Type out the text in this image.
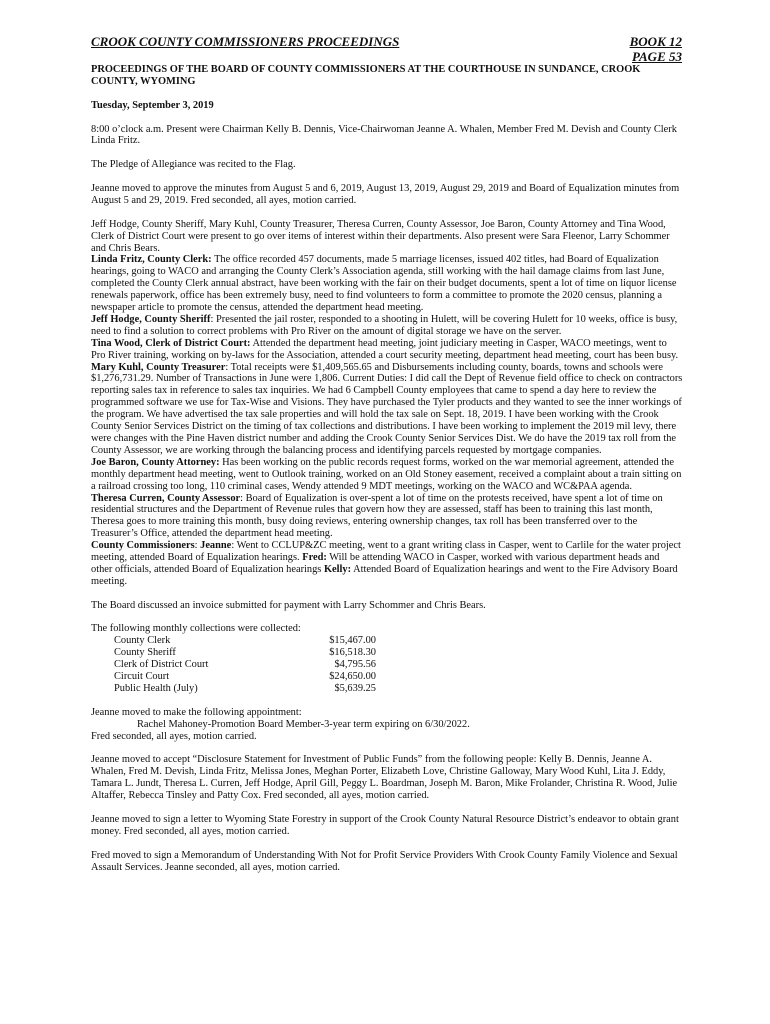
CROOK COUNTY COMMISSIONERS PROCEEDINGS	BOOK 12
PAGE 53

PROCEEDINGS OF THE BOARD OF COUNTY COMMISSIONERS AT THE COURTHOUSE IN SUNDANCE, CROOK COUNTY, WYOMING

Tuesday, September 3, 2019

8:00 o’clock a.m. Present were Chairman Kelly B. Dennis, Vice-Chairwoman Jeanne A. Whalen, Member Fred M. Devish and County Clerk Linda Fritz.

The Pledge of Allegiance was recited to the Flag.

Jeanne moved to approve the minutes from August 5 and 6, 2019, August 13, 2019, August 29, 2019 and Board of Equalization minutes from August 5 and 29, 2019. Fred seconded, all ayes, motion carried.

Jeff Hodge, County Sheriff, Mary Kuhl, County Treasurer, Theresa Curren, County Assessor, Joe Baron, County Attorney and Tina Wood, Clerk of District Court were present to go over items of interest within their departments. Also present were Sara Fleenor, Larry Schommer and Chris Bears.

Linda Fritz, County Clerk: The office recorded 457 documents, made 5 marriage licenses, issued 402 titles, had Board of Equalization hearings, going to WACO and arranging the County Clerk’s Association agenda, still working with the hail damage claims from last June, completed the County Clerk annual abstract, have been working with the fair on their budget documents, spent a lot of time on liquor license renewals paperwork, office has been extremely busy, need to find volunteers to form a committee to promote the 2020 census, planning a newspaper article to promote the census, attended the department head meeting.

Jeff Hodge, County Sheriff: Presented the jail roster, responded to a shooting in Hulett, will be covering Hulett for 10 weeks, office is busy, need to find a solution to correct problems with Pro River on the amount of digital storage we have on the server.

Tina Wood, Clerk of District Court: Attended the department head meeting, joint judiciary meeting in Casper, WACO meetings, went to Pro River training, working on by-laws for the Association, attended a court security meeting, department head meeting, court has been busy.

Mary Kuhl, County Treasurer: Total receipts were $1,409,565.65 and Disbursements including county, boards, towns and schools were $1,276,731.29. Number of Transactions in June were 1,806. Current Duties: I did call the Dept of Revenue field office to check on contractors reporting sales tax in reference to sales tax inquiries. We had 6 Campbell County employees that came to spend a day here to review the programmed software we use for Tax-Wise and Visions. They have purchased the Tyler products and they wanted to see the inner workings of the program. We have advertised the tax sale properties and will hold the tax sale on Sept. 18, 2019. I have been working with the Crook County Senior Services District on the timing of tax collections and distributions. I have been working to implement the 2019 mil levy, there were changes with the Pine Haven district number and adding the Crook County Senior Services Dist. We do have the 2019 tax roll from the County Assessor, we are working through the balancing process and identifying parcels requested by mortgage companies.

Joe Baron, County Attorney: Has been working on the public records request forms, worked on the war memorial agreement, attended the monthly department head meeting, went to Outlook training, worked on an Old Stoney easement, received a complaint about a train sitting on a railroad crossing too long, 110 criminal cases, Wendy attended 9 MDT meetings, working on the WACO and WC&PAA agenda.

Theresa Curren, County Assessor: Board of Equalization is over-spent a lot of time on the protests received, have spent a lot of time on residential structures and the Department of Revenue rules that govern how they are assessed, staff has been to training this last month, Theresa goes to more training this month, busy doing reviews, entering ownership changes, tax roll has been transferred over to the Treasurer’s Office, attended the department head meeting.

County Commissioners: Jeanne: Went to CCLUP&ZC meeting, went to a grant writing class in Casper, went to Carlile for the water project meeting, attended Board of Equalization hearings. Fred: Will be attending WACO in Casper, worked with various department heads and other officials, attended Board of Equalization hearings Kelly: Attended Board of Equalization hearings and went to the Fire Advisory Board meeting.

The Board discussed an invoice submitted for payment with Larry Schommer and Chris Bears.

The following monthly collections were collected:
County Clerk	$15,467.00
County Sheriff	$16,518.30
Clerk of District Court	$4,795.56
Circuit Court	$24,650.00
Public Health (July)	$5,639.25
Jeanne moved to make the following appointment:
Rachel Mahoney-Promotion Board Member-3-year term expiring on 6/30/2022.
Fred seconded, all ayes, motion carried.

Jeanne moved to accept “Disclosure Statement for Investment of Public Funds” from the following people: Kelly B. Dennis, Jeanne A. Whalen, Fred M. Devish, Linda Fritz, Melissa Jones, Meghan Porter, Elizabeth Love, Christine Galloway, Mary Wood Kuhl, Lita J. Eddy, Tamara L. Jundt, Theresa L. Curren, Jeff Hodge, April Gill, Peggy L. Boardman, Joseph M. Baron, Mike Frolander, Christina R. Wood, Julie Altaffer, Rebecca Tinsley and Patty Cox. Fred seconded, all ayes, motion carried.

Jeanne moved to sign a letter to Wyoming State Forestry in support of the Crook County Natural Resource District’s endeavor to obtain grant money. Fred seconded, all ayes, motion carried.

Fred moved to sign a Memorandum of Understanding With Not for Profit Service Providers With Crook County Family Violence and Sexual Assault Services. Jeanne seconded, all ayes, motion carried.
